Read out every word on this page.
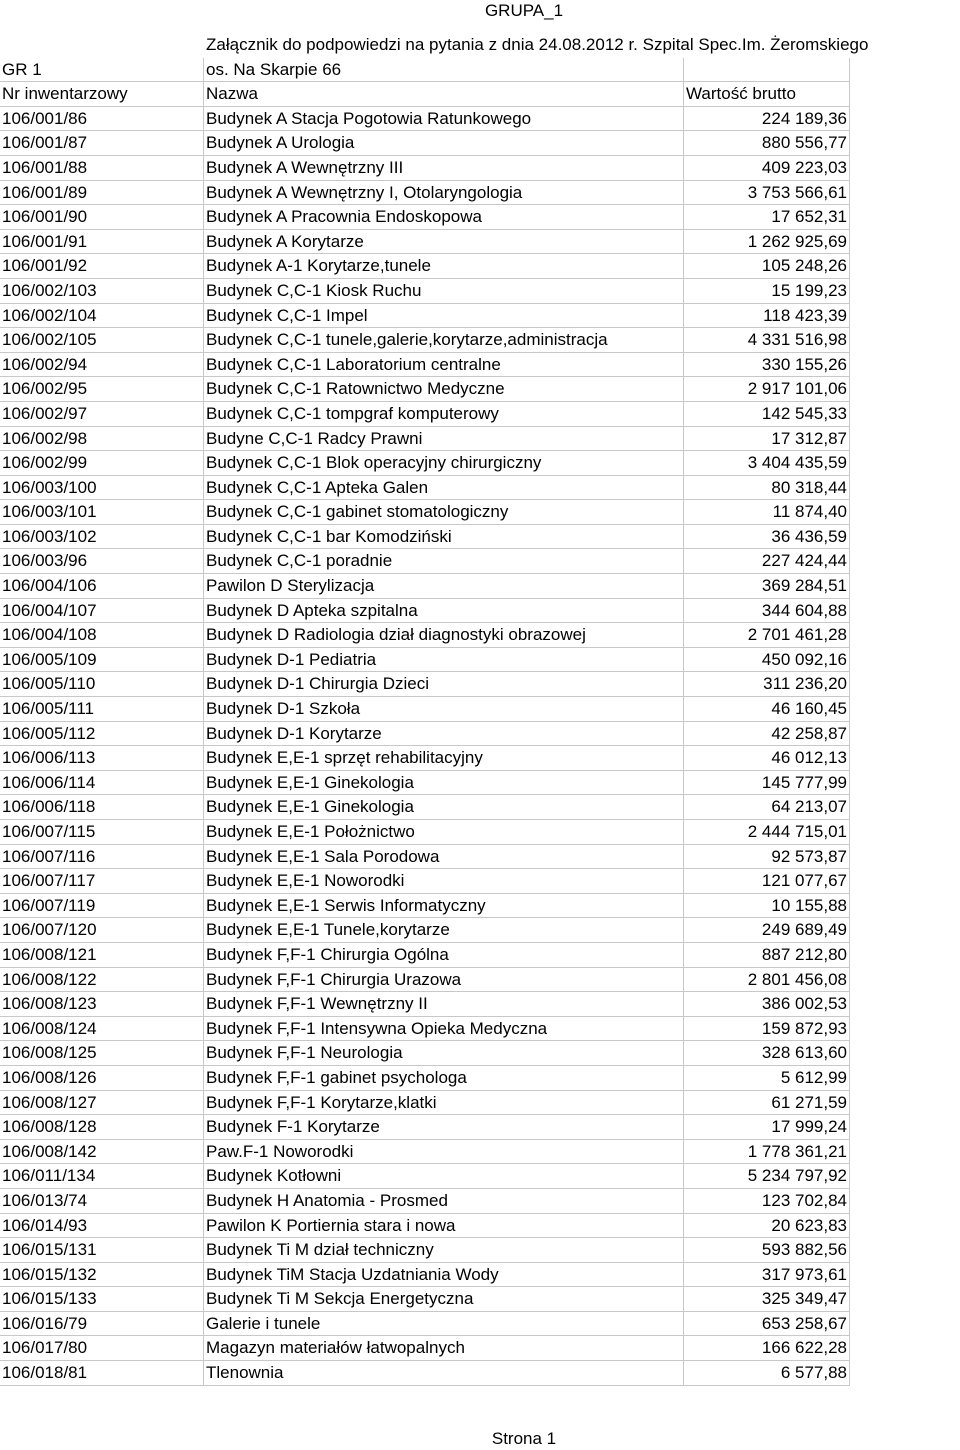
GRUPA_1
Załącznik do podpowiedzi na pytania z dnia 24.08.2012 r. Szpital Spec.Im. Żeromskiego
GR 1	os. Na Skarpie 66
Nr inwentarzowy	Nazwa	Wartość brutto
106/001/86	Budynek A Stacja Pogotowia Ratunkowego	224 189,36
106/001/87	Budynek A Urologia	880 556,77
106/001/88	Budynek A Wewnętrzny III	409 223,03
106/001/89	Budynek A Wewnętrzny I, Otolaryngologia	3 753 566,61
106/001/90	Budynek A Pracownia Endoskopowa	17 652,31
106/001/91	Budynek A Korytarze	1 262 925,69
106/001/92	Budynek A-1 Korytarze,tunele	105 248,26
106/002/103	Budynek C,C-1 Kiosk Ruchu	15 199,23
106/002/104	Budynek C,C-1 Impel	118 423,39
106/002/105	Budynek C,C-1 tunele,galerie,korytarze,administracja	4 331 516,98
106/002/94	Budynek C,C-1 Laboratorium centralne	330 155,26
106/002/95	Budynek C,C-1 Ratownictwo Medyczne	2 917 101,06
106/002/97	Budynek C,C-1 tompgraf komputerowy	142 545,33
106/002/98	Budyne C,C-1 Radcy Prawni	17 312,87
106/002/99	Budynek C,C-1 Blok operacyjny chirurgiczny	3 404 435,59
106/003/100	Budynek C,C-1 Apteka Galen	80 318,44
106/003/101	Budynek C,C-1 gabinet stomatologiczny	11 874,40
106/003/102	Budynek C,C-1 bar Komodziński	36 436,59
106/003/96	Budynek C,C-1 poradnie	227 424,44
106/004/106	Pawilon D Sterylizacja	369 284,51
106/004/107	Budynek D Apteka szpitalna	344 604,88
106/004/108	Budynek D Radiologia dział diagnostyki obrazowej	2 701 461,28
106/005/109	Budynek D-1 Pediatria	450 092,16
106/005/110	Budynek D-1 Chirurgia Dzieci	311 236,20
106/005/111	Budynek D-1 Szkoła	46 160,45
106/005/112	Budynek D-1 Korytarze	42 258,87
106/006/113	Budynek E,E-1 sprzęt rehabilitacyjny	46 012,13
106/006/114	Budynek E,E-1 Ginekologia	145 777,99
106/006/118	Budynek E,E-1 Ginekologia	64 213,07
106/007/115	Budynek E,E-1 Położnictwo	2 444 715,01
106/007/116	Budynek E,E-1 Sala Porodowa	92 573,87
106/007/117	Budynek E,E-1 Noworodki	121 077,67
106/007/119	Budynek E,E-1 Serwis Informatyczny	10 155,88
106/007/120	Budynek E,E-1 Tunele,korytarze	249 689,49
106/008/121	Budynek F,F-1 Chirurgia Ogólna	887 212,80
106/008/122	Budynek F,F-1 Chirurgia Urazowa	2 801 456,08
106/008/123	Budynek F,F-1 Wewnętrzny II	386 002,53
106/008/124	Budynek F,F-1 Intensywna Opieka Medyczna	159 872,93
106/008/125	Budynek F,F-1 Neurologia	328 613,60
106/008/126	Budynek F,F-1 gabinet psychologa	5 612,99
106/008/127	Budynek F,F-1 Korytarze,klatki	61 271,59
106/008/128	Budynek F-1 Korytarze	17 999,24
106/008/142	Paw.F-1 Noworodki	1 778 361,21
106/011/134	Budynek Kotłowni	5 234 797,92
106/013/74	Budynek H Anatomia - Prosmed	123 702,84
106/014/93	Pawilon K Portiernia stara i nowa	20 623,83
106/015/131	Budynek Ti M dział techniczny	593 882,56
106/015/132	Budynek TiM Stacja Uzdatniania Wody	317 973,61
106/015/133	Budynek Ti M Sekcja Energetyczna	325 349,47
106/016/79	Galerie i tunele	653 258,67
106/017/80	Magazyn materiałów łatwopalnych	166 622,28
106/018/81	Tlenownia	6 577,88
Strona 1
